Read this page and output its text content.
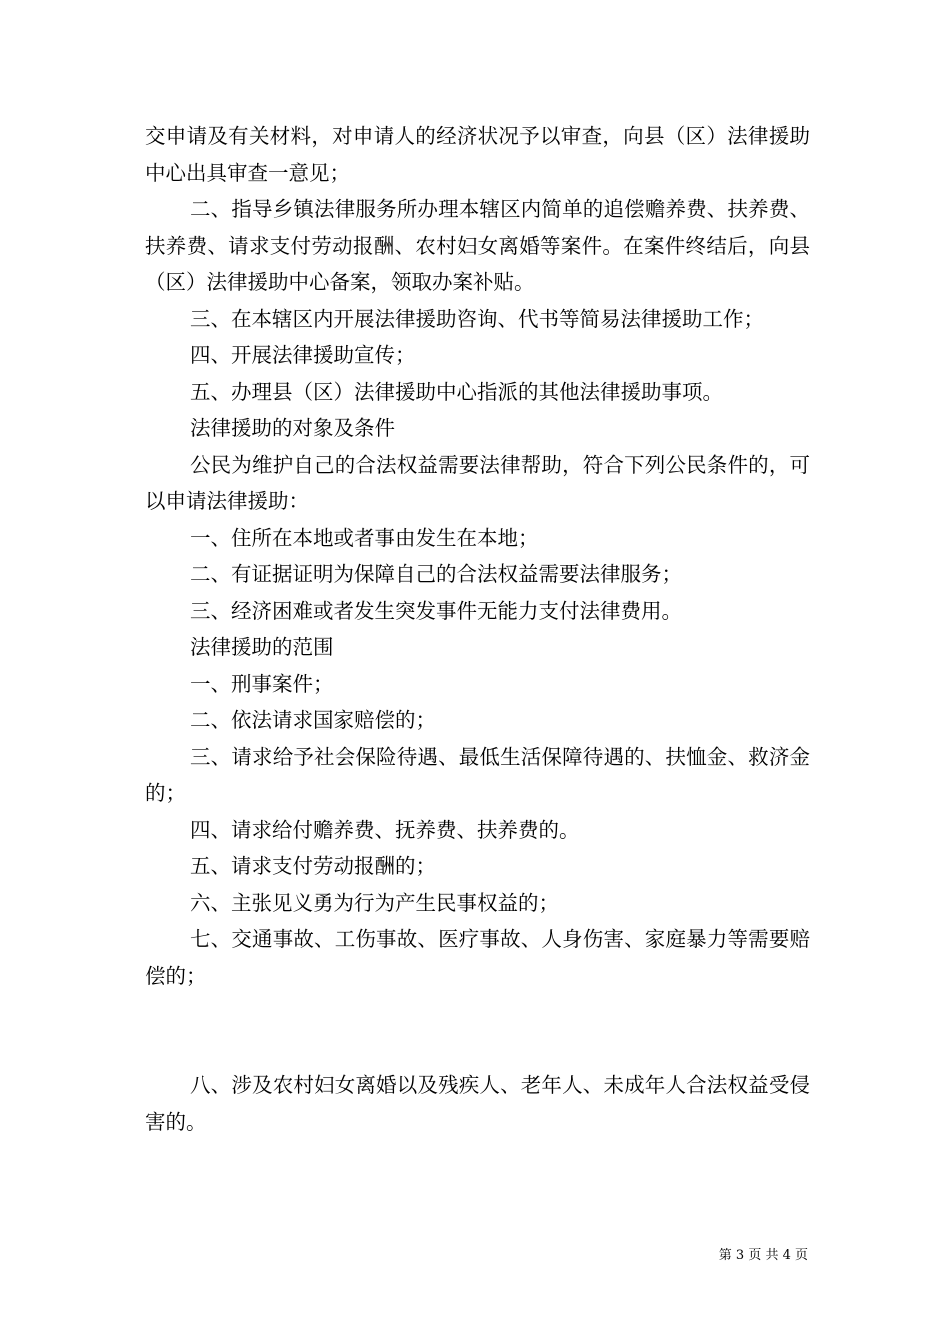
交申请及有关材料，对申请人的经济状况予以审查，向县（区）法律援助中心出具审查一意见；

二、指导乡镇法律服务所办理本辖区内简单的追偿赡养费、扶养费、扶养费、请求支付劳动报酬、农村妇女离婚等案件。在案件终结后，向县（区）法律援助中心备案，领取办案补贴。

三、在本辖区内开展法律援助咨询、代书等简易法律援助工作；

四、开展法律援助宣传；

五、办理县（区）法律援助中心指派的其他法律援助事项。

法律援助的对象及条件

公民为维护自己的合法权益需要法律帮助，符合下列公民条件的，可以申请法律援助：

一、住所在本地或者事由发生在本地；

二、有证据证明为保障自己的合法权益需要法律服务；

三、经济困难或者发生突发事件无能力支付法律费用。

法律援助的范围

一、刑事案件；

二、依法请求国家赔偿的；

三、请求给予社会保险待遇、最低生活保障待遇的、扶恤金、救济金的；

四、请求给付赡养费、抚养费、扶养费的。

五、请求支付劳动报酬的；

六、主张见义勇为行为产生民事权益的；

七、交通事故、工伤事故、医疗事故、人身伤害、家庭暴力等需要赔偿的；

八、涉及农村妇女离婚以及残疾人、老年人、未成年人合法权益受侵害的。

第 3 页 共 4 页
